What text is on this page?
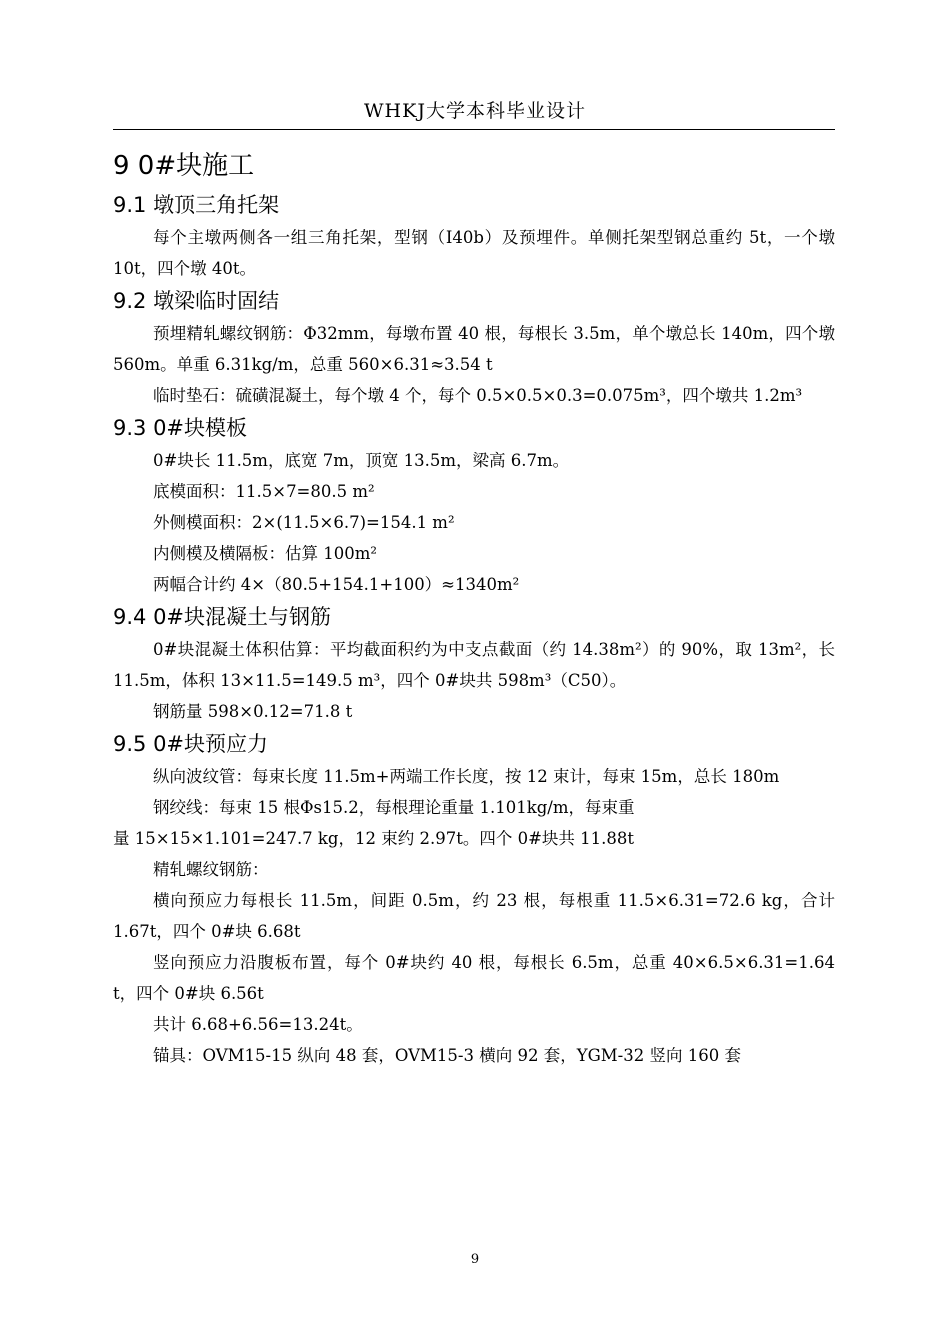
WHKJ大学本科毕业设计
9 0#块施工
9.1 墩顶三角托架

每个主墩两侧各一组三角托架，型钢（I40b）及预埋件。单侧托架型钢总重约 5t，一个墩 10t，四个墩 40t。

9.2 墩梁临时固结

预埋精轧螺纹钢筋：Φ32mm，每墩布置 40 根，每根长 3.5m，单个墩总长 140m，四个墩 560m。单重 6.31kg/m，总重 560×6.31≈3.54 t

临时垫石：硫磺混凝土，每个墩 4 个，每个 0.5×0.5×0.3=0.075m³，四个墩共 1.2m³

9.3 0#块模板

0#块长 11.5m，底宽 7m，顶宽 13.5m，梁高 6.7m。

底模面积：11.5×7=80.5 m²

外侧模面积：2×(11.5×6.7)=154.1 m²

内侧模及横隔板：估算 100m²

两幅合计约 4×（80.5+154.1+100）≈1340m²

9.4 0#块混凝土与钢筋

0#块混凝土体积估算：平均截面积约为中支点截面（约 14.38m²）的 90%，取 13m²，长 11.5m，体积 13×11.5=149.5 m³，四个 0#块共 598m³（C50）。

钢筋量 598×0.12=71.8 t

9.5 0#块预应力

纵向波纹管：每束长度 11.5m+两端工作长度，按 12 束计，每束 15m，总长 180m

钢绞线：每束 15 根Φs15.2，每根理论重量 1.101kg/m，每束重

量 15×15×1.101=247.7 kg，12 束约 2.97t。四个 0#块共 11.88t

精轧螺纹钢筋：

横向预应力每根长 11.5m，间距 0.5m，约 23 根，每根重 11.5×6.31=72.6 kg，合计 1.67t，四个 0#块 6.68t

竖向预应力沿腹板布置，每个 0#块约 40 根，每根长 6.5m，总重 40×6.5×6.31=1.64 t，四个 0#块 6.56t

共计 6.68+6.56=13.24t。

锚具：OVM15-15 纵向 48 套，OVM15-3 横向 92 套，YGM-32 竖向 160 套

9
